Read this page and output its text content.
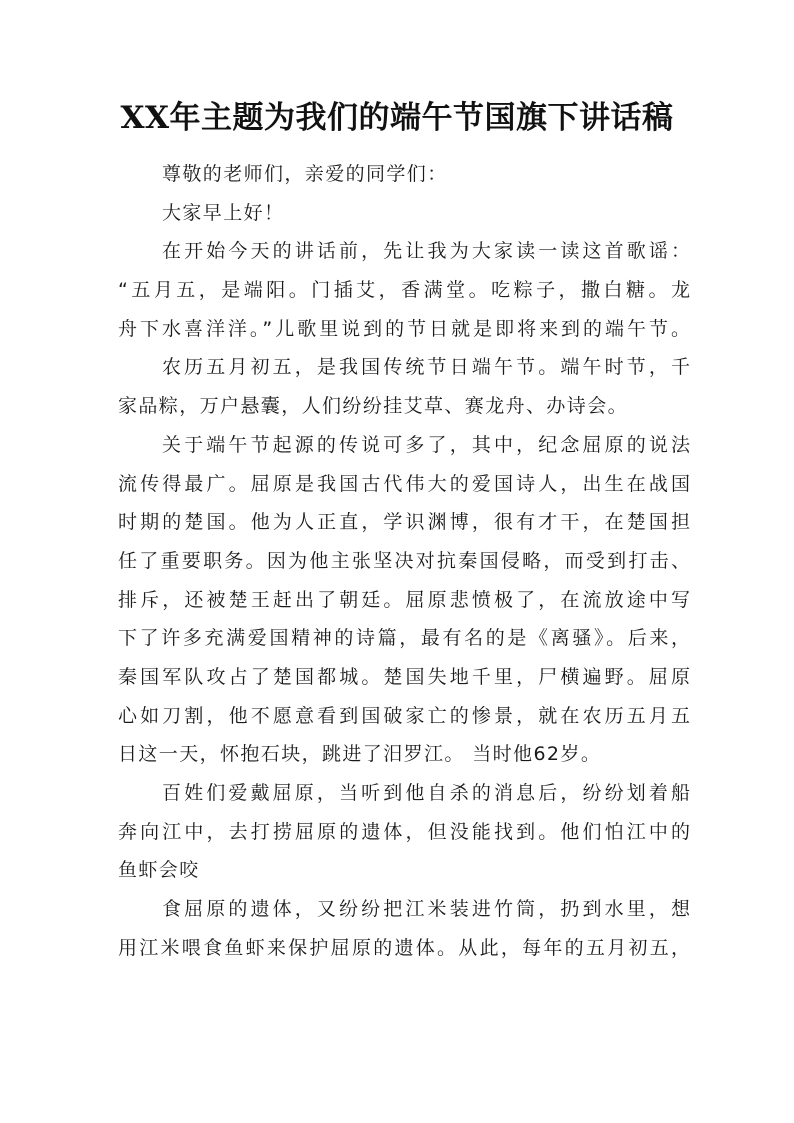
XX年主题为我们的端午节国旗下讲话稿
尊敬的老师们，亲爱的同学们：
大家早上好！
在开始今天的讲话前，先让我为大家读一读这首歌谣：
“五月五，是端阳。门插艾，香满堂。吃粽子，撒白糖。龙
舟下水喜洋洋。”儿歌里说到的节日就是即将来到的端午节。
农历五月初五，是我国传统节日端午节。端午时节，千
家品粽，万户悬囊，人们纷纷挂艾草、赛龙舟、办诗会。
关于端午节起源的传说可多了，其中，纪念屈原的说法
流传得最广。屈原是我国古代伟大的爱国诗人，出生在战国
时期的楚国。他为人正直，学识渊博，很有才干，在楚国担
任了重要职务。因为他主张坚决对抗秦国侵略，而受到打击、
排斥，还被楚王赶出了朝廷。屈原悲愤极了，在流放途中写
下了许多充满爱国精神的诗篇，最有名的是《离骚》。后来，
秦国军队攻占了楚国都城。楚国失地千里，尸横遍野。屈原
心如刀割，他不愿意看到国破家亡的惨景，就在农历五月五
日这一天，怀抱石块，跳进了汨罗江。 当时他62岁。
百姓们爱戴屈原，当听到他自杀的消息后，纷纷划着船
奔向江中，去打捞屈原的遗体，但没能找到。他们怕江中的
鱼虾会咬
食屈原的遗体，又纷纷把江米装进竹筒，扔到水里，想
用江米喂食鱼虾来保护屈原的遗体。从此，每年的五月初五，
